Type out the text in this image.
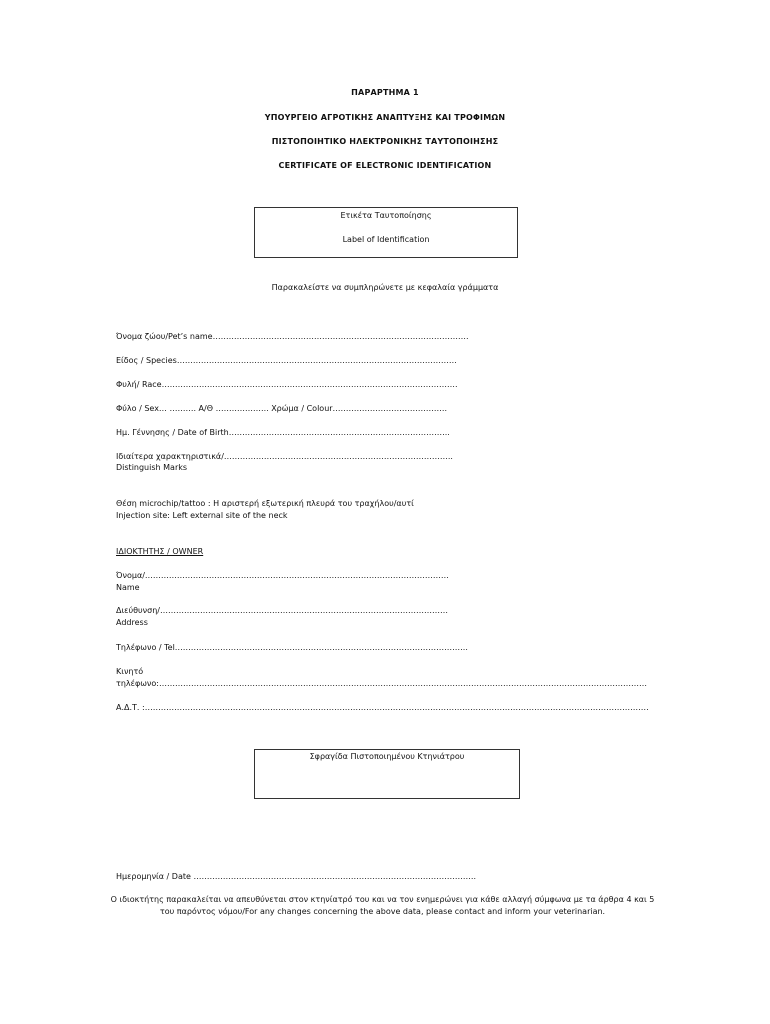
ΠΑΡΑΡΤΗΜΑ 1
ΥΠΟΥΡΓΕΙΟ ΑΓΡΟΤΙΚΗΣ ΑΝΑΠΤΥΞΗΣ ΚΑΙ ΤΡΟΦΙΜΩΝ
ΠΙΣΤΟΠΟΙΗΤΙΚΟ ΗΛΕΚΤΡΟΝΙΚΗΣ ΤΑΥΤΟΠΟΙΗΣΗΣ
CERTIFICATE OF ELECTRONIC IDENTIFICATION
Ετικέτα Ταυτοποίησης
Label of Identification
Παρακαλείστε να συμπληρώνετε με κεφαλαία γράμματα
Όνομα ζώου/Pet’s name……………………………………………………………………………………
Είδος / Species……………………………………………………………………………………………
Φυλή/ Race…………………………………………………………………………………………………
Φύλο / Sex… ………. Α/Θ ……………….. Χρώμα / Colour…………………………………….
Ημ. Γέννησης / Date of Birth………………………………………………………………………..
Ιδιαίτερα χαρακτηριστικά/…………………………………………………………………………..
Distinguish Marks
Θέση microchip/tattoo : Η αριστερή εξωτερική πλευρά του τραχήλου/αυτί
Injection site: Left external site of the neck
ΙΔΙΟΚΤΗΤΗΣ / OWNER
Όνομα/……………………………………………………………………………………………………
Name
Διεύθυνση/………………………………………………………………………………………………
Address
Τηλέφωνο / Tel………………………………………………………………………………………………..
Κινητό
τηλέφωνο:…………………………………………………………………………………………………………………………………………………………………
Α.Δ.Τ. :………………………………………………………………………………………………………………………………………………………………………
Σφραγίδα Πιστοποιημένου Κτηνιάτρου
Ημερομηνία / Date …………………………………………………………………………………………….
Ο ιδιοκτήτης παρακαλείται να απευθύνεται στον κτηνίατρό του και να τον ενημερώνει για κάθε αλλαγή σύμφωνα με τα άρθρα 4 και 5 του παρόντος νόμου/For any changes concerning the above data, please contact and inform your veterinarian.
